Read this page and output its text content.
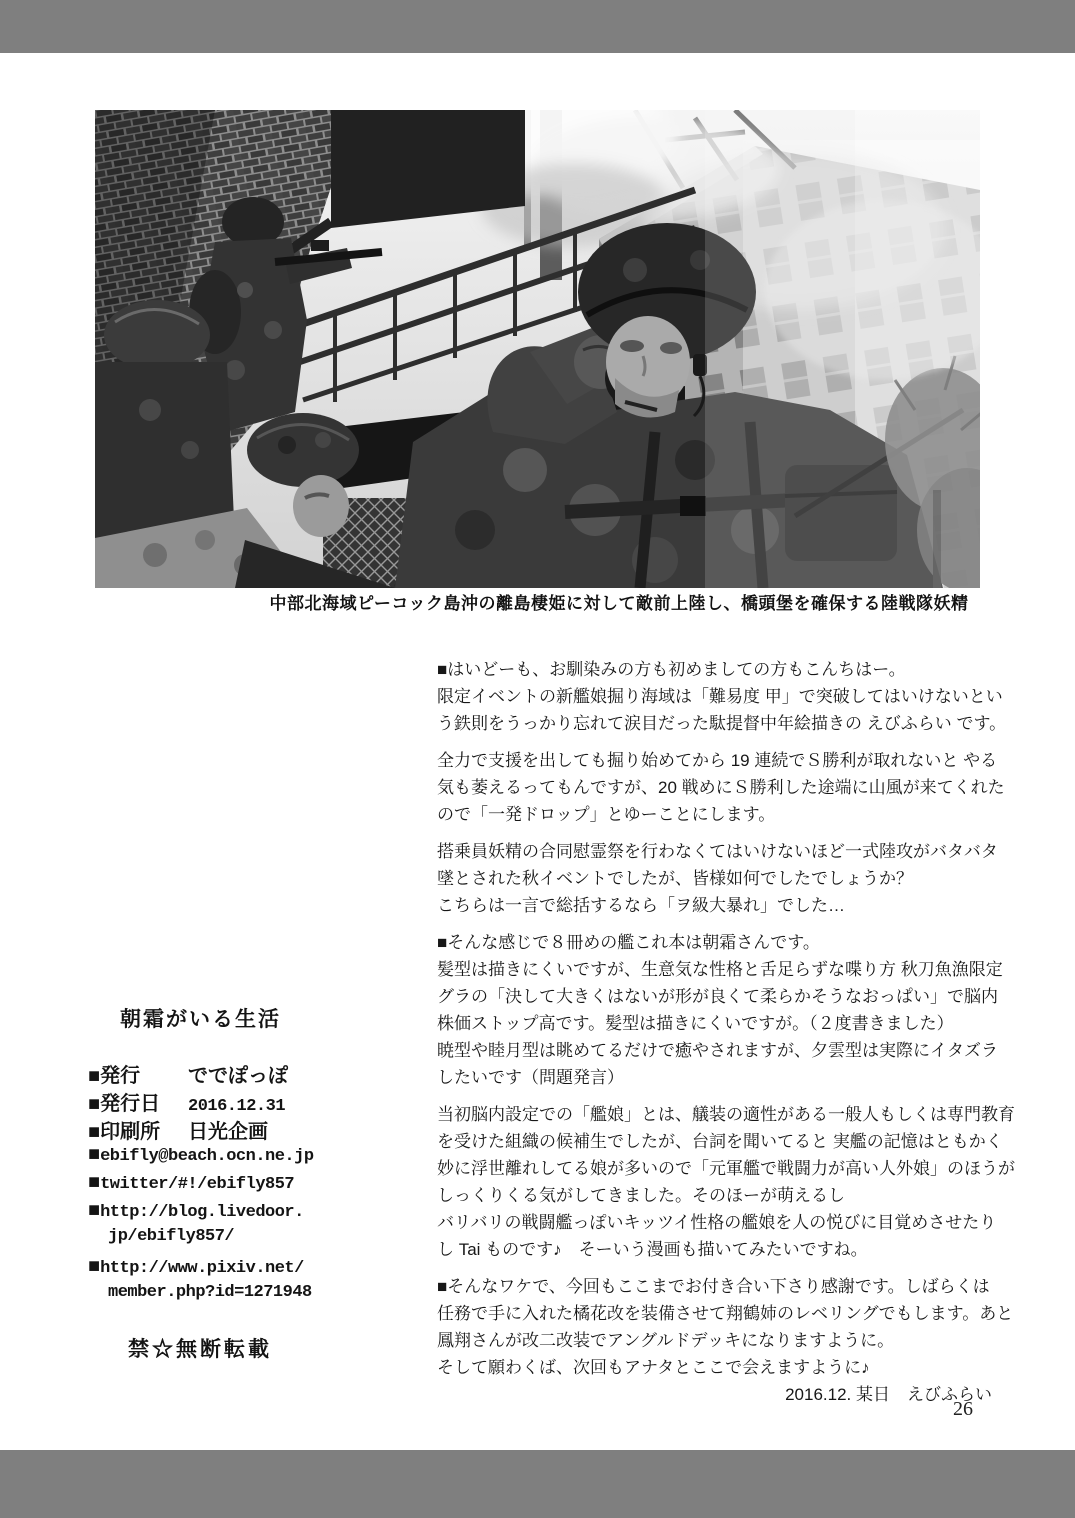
中部北海域ピーコック島沖の離島棲姫に対して敵前上陸し、橋頭堡を確保する陸戦隊妖精
■はいどーも、お馴染みの方も初めましての方もこんちはー。
限定イベントの新艦娘掘り海域は「難易度 甲」で突破してはいけないとい
う鉄則をうっかり忘れて涙目だった駄提督中年絵描きの えびふらい です。
全力で支援を出しても掘り始めてから 19 連続でＳ勝利が取れないと やる
気も萎えるってもんですが、20 戦めにＳ勝利した途端に山風が来てくれた
ので「一発ドロップ」とゆーことにします。
搭乗員妖精の合同慰霊祭を行わなくてはいけないほど一式陸攻がバタバタ
墜とされた秋イベントでしたが、皆様如何でしたでしょうか？
こちらは一言で総括するなら「ヲ級大暴れ」でした…
■そんな感じで８冊めの艦これ本は朝霜さんです。
髪型は描きにくいですが、生意気な性格と舌足らずな喋り方 秋刀魚漁限定
グラの「決して大きくはないが形が良くて柔らかそうなおっぱい」で脳内
株価ストップ高です。髪型は描きにくいですが。（２度書きました）
暁型や睦月型は眺めてるだけで癒やされますが、夕雲型は実際にイタズラ
したいです（問題発言）
当初脳内設定での「艦娘」とは、艤装の適性がある一般人もしくは専門教育
を受けた組織の候補生でしたが、台詞を聞いてると 実艦の記憶はともかく
妙に浮世離れしてる娘が多いので「元軍艦で戦闘力が高い人外娘」のほうが
しっくりくる気がしてきました。そのほーが萌えるし
バリバリの戦闘艦っぽいキッツイ性格の艦娘を人の悦びに目覚めさせたり
し Tai ものです♪　そーいう漫画も描いてみたいですね。
■そんなワケで、今回もここまでお付き合い下さり感謝です。しばらくは
任務で手に入れた橘花改を装備させて翔鶴姉のレベリングでもします。あと
鳳翔さんが改二改装でアングルドデッキになりますように。
そして願わくば、次回もアナタとここで会えますように♪
2016.12. 某日　えびふらい
朝霜がいる生活
■発行	ででぽっぽ
■発行日	2016.12.31
■印刷所	日光企画
■ ebifly@beach.ocn.ne.jp
■ twitter/#!/ebifly857
■ http://blog.livedoor.
jp/ebifly857/
■ http://www.pixiv.net/
member.php?id=1271948
禁☆無断転載
26
